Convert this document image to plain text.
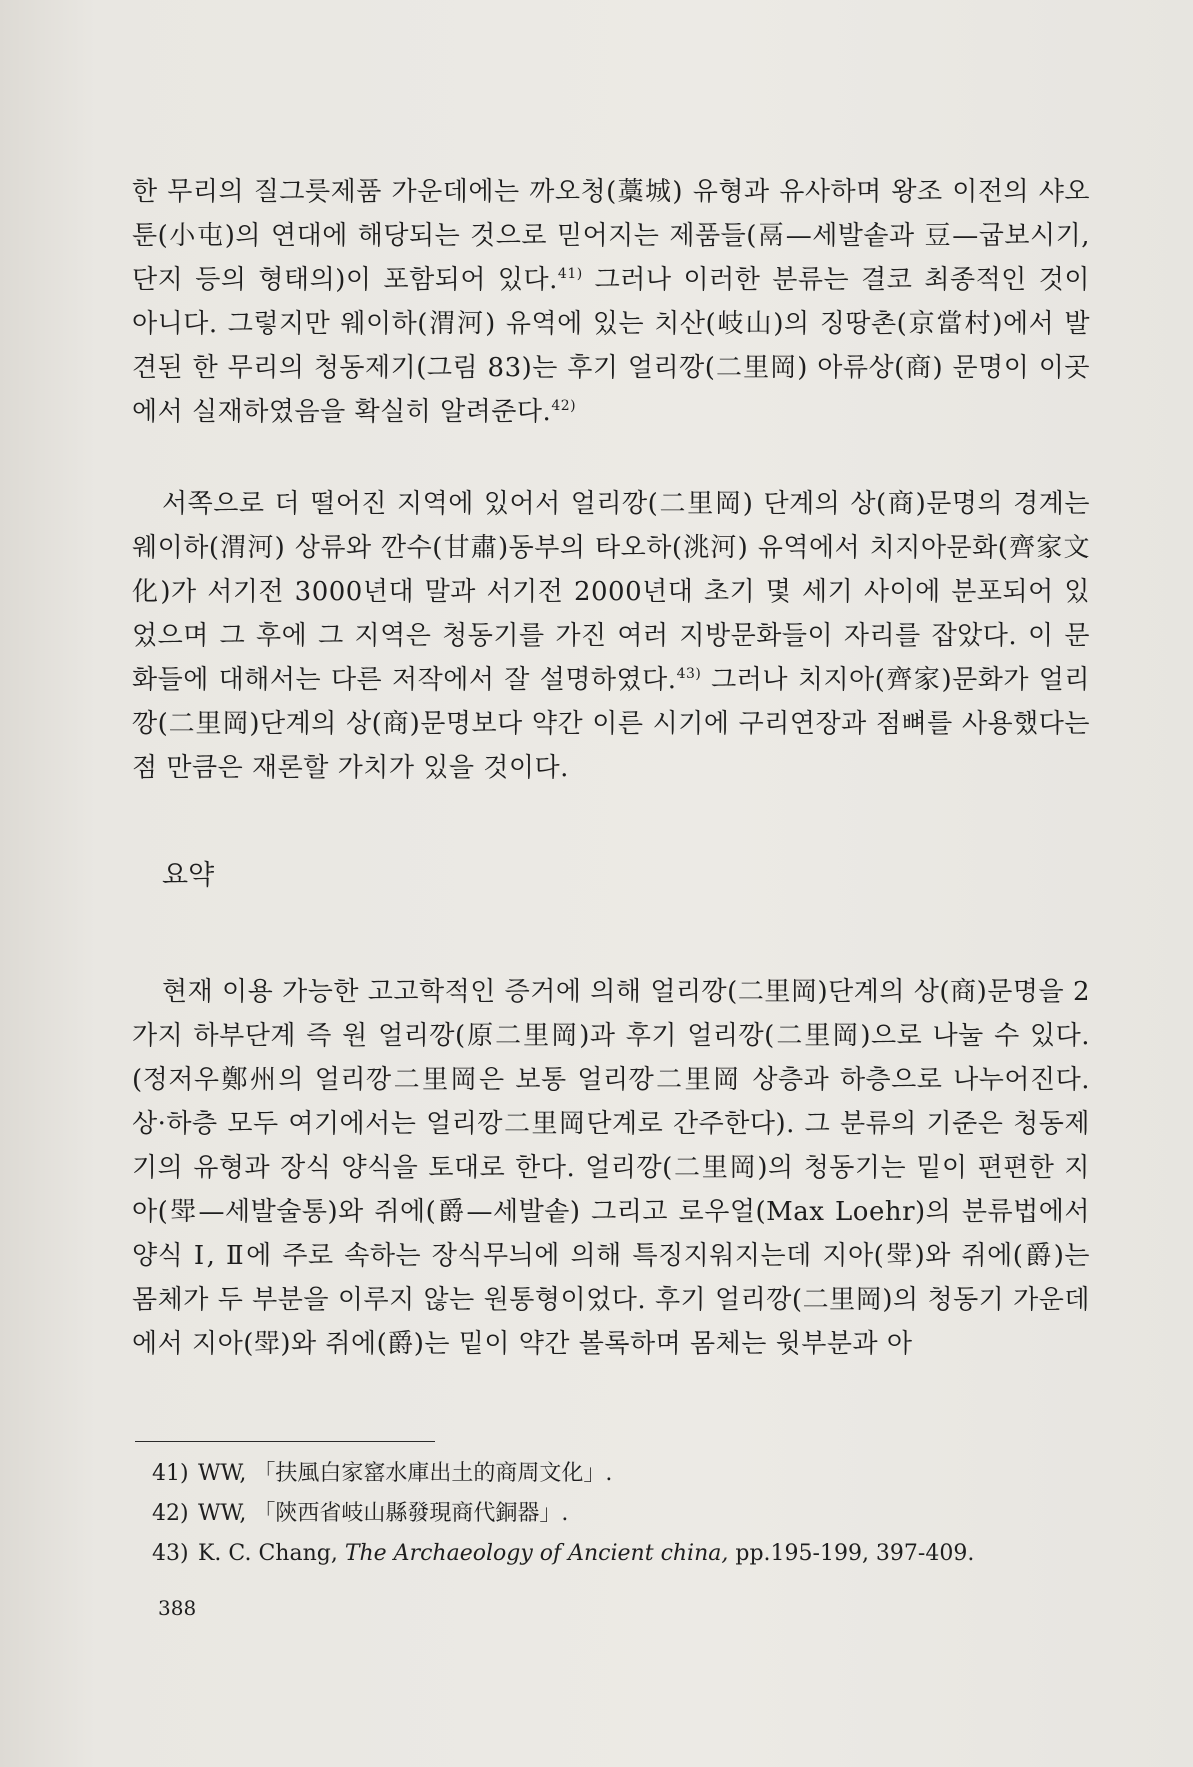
한 무리의 질그릇제품 가운데에는 까오청(藁城) 유형과 유사하며 왕조 이전의 샤오툰(小屯)의 연대에 해당되는 것으로 믿어지는 제품들(鬲—세발솥과 豆—굽보시기, 단지 등의 형태의)이 포함되어 있다.$^{41)}$ 그러나 이러한 분류는 결코 최종적인 것이 아니다. 그렇지만 웨이하(渭河) 유역에 있는 치산(岐山)의 징땅촌(京當村)에서 발견된 한 무리의 청동제기(그림 83)는 후기 얼리깡(二里岡) 아류상(商) 문명이 이곳에서 실재하였음을 확실히 알려준다.$^{42)}$

서쪽으로 더 떨어진 지역에 있어서 얼리깡(二里岡) 단계의 상(商)문명의 경계는 웨이하(渭河) 상류와 깐수(甘肅)동부의 타오하(洮河) 유역에서 치지아문화(齊家文化)가 서기전 3000년대 말과 서기전 2000년대 초기 몇 세기 사이에 분포되어 있었으며 그 후에 그 지역은 청동기를 가진 여러 지방문화들이 자리를 잡았다. 이 문화들에 대해서는 다른 저작에서 잘 설명하였다.$^{43)}$ 그러나 치지아(齊家)문화가 얼리깡(二里岡)단계의 상(商)문명보다 약간 이른 시기에 구리연장과 점뼈를 사용했다는 점 만큼은 재론할 가치가 있을 것이다.

요약

현재 이용 가능한 고고학적인 증거에 의해 얼리깡(二里岡)단계의 상(商)문명을 2가지 하부단계 즉 원 얼리깡(原二里岡)과 후기 얼리깡(二里岡)으로 나눌 수 있다.(정저우鄭州의 얼리깡二里岡은 보통 얼리깡二里岡 상층과 하층으로 나누어진다. 상·하층 모두 여기에서는 얼리깡二里岡단계로 간주한다). 그 분류의 기준은 청동제기의 유형과 장식 양식을 토대로 한다. 얼리깡(二里岡)의 청동기는 밑이 편편한 지아(斝—세발술통)와 쥐에(爵—세발솥) 그리고 로우얼(Max Loehr)의 분류법에서 양식 Ⅰ, Ⅱ에 주로 속하는 장식무늬에 의해 특징지워지는데 지아(斝)와 쥐에(爵)는 몸체가 두 부분을 이루지 않는 원통형이었다. 후기 얼리깡(二里岡)의 청동기 가운데에서 지아(斝)와 쥐에(爵)는 밑이 약간 볼록하며 몸체는 윗부분과 아

41) WW, 「扶風白家窰水庫出土的商周文化」.
42) WW, 「陝西省岐山縣發現商代銅器」.
43) K. C. Chang, The Archaeology of Ancient china, pp.195-199, 397-409.
388
